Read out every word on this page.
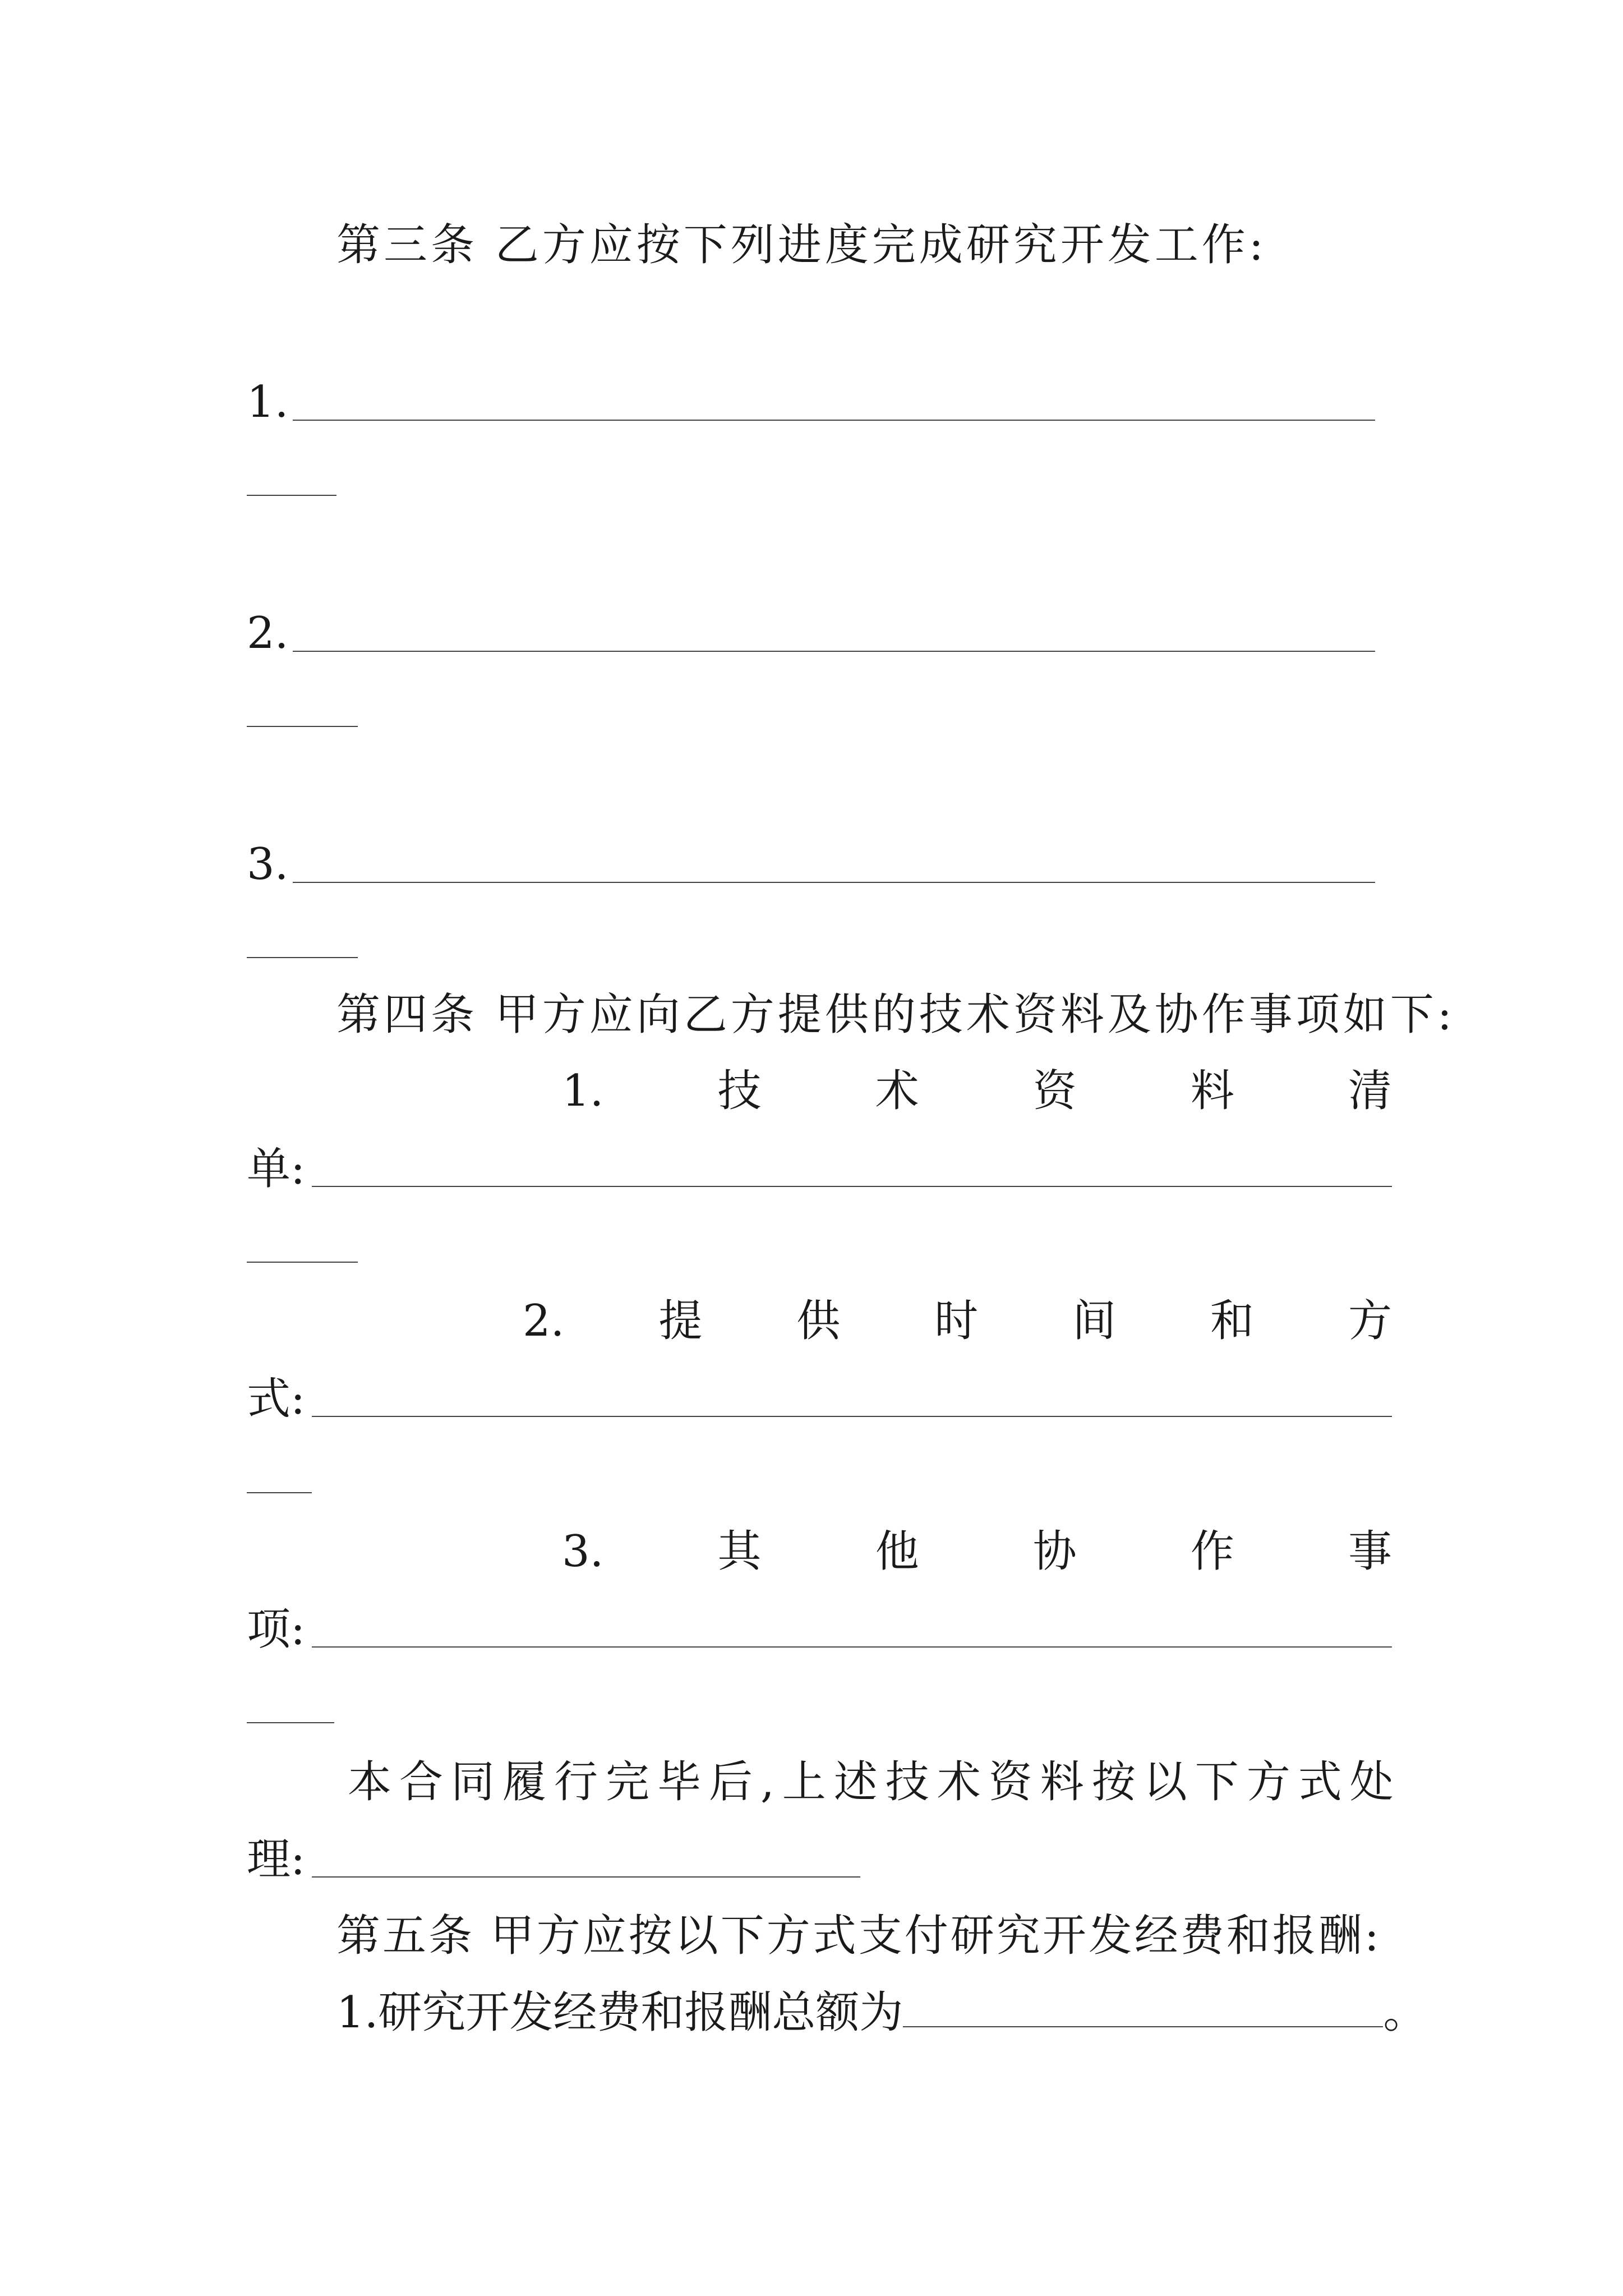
第三条 乙方应按下列进度完成研究开发工作:
1.
2.
3.
第四条 甲方应向乙方提供的技术资料及协作事项如下:
1.	技	术	资	料	清
单:
2. 提 供 时 间 和 方
式:
3.	其	他	协	作	事
项:
本合同履行完毕后,上述技术资料按以下方式处
理:
第五条 甲方应按以下方式支付研究开发经费和报酬:
1.研究开发经费和报酬总额为	。
